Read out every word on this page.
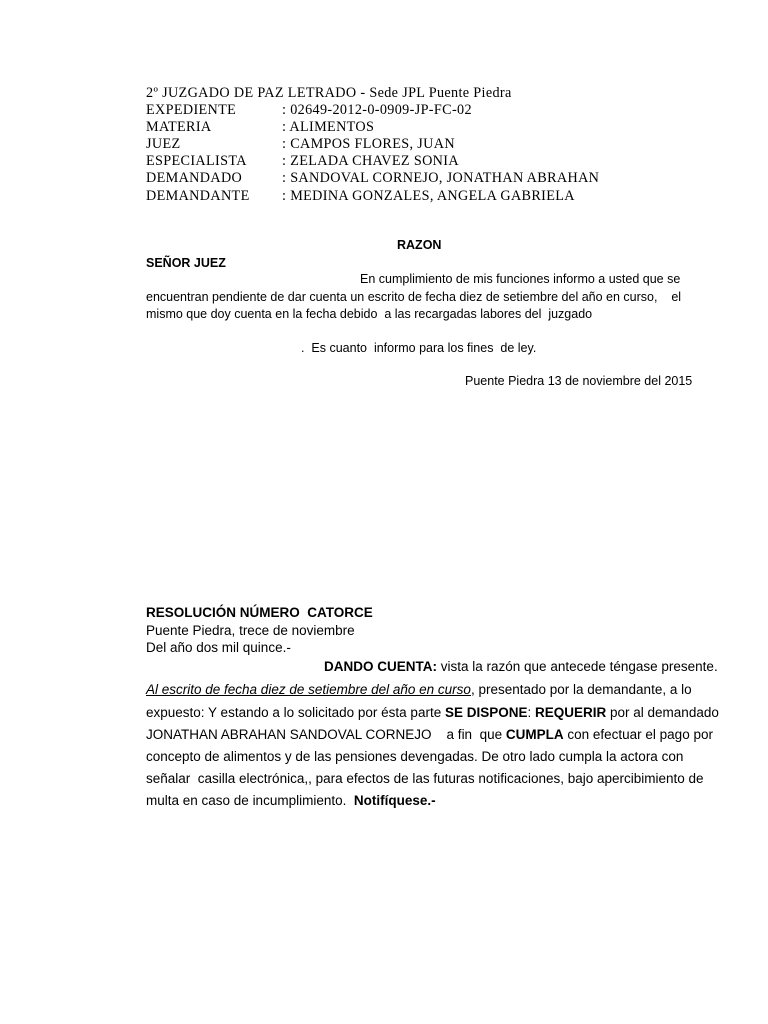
2º JUZGADO DE PAZ LETRADO - Sede JPL Puente Piedra
EXPEDIENTE	: 02649-2012-0-0909-JP-FC-02
MATERIA	: ALIMENTOS
JUEZ	: CAMPOS FLORES, JUAN
ESPECIALISTA	: ZELADA CHAVEZ SONIA
DEMANDADO	: SANDOVAL CORNEJO, JONATHAN ABRAHAN
DEMANDANTE	: MEDINA GONZALES, ANGELA GABRIELA
RAZON
SEÑOR JUEZ
En cumplimiento de mis funciones informo a usted que se
encuentran pendiente de dar cuenta un escrito de fecha diez de setiembre del año en curso,    el
mismo que doy cuenta en la fecha debido  a las recargadas labores del  juzgado
.  Es cuanto  informo para los fines  de ley.
Puente Piedra 13 de noviembre del 2015
RESOLUCIÓN NÚMERO  CATORCE
Puente Piedra, trece de noviembre
Del año dos mil quince.-
DANDO CUENTA: vista la razón que antecede téngase presente.
Al escrito de fecha diez de setiembre del año en curso, presentado por la demandante, a lo
expuesto: Y estando a lo solicitado por ésta parte SE DISPONE: REQUERIR por al demandado
JONATHAN ABRAHAN SANDOVAL CORNEJO    a fin  que CUMPLA con efectuar el pago por
concepto de alimentos y de las pensiones devengadas. De otro lado cumpla la actora con
señalar  casilla electrónica,, para efectos de las futuras notificaciones, bajo apercibimiento de
multa en caso de incumplimiento.  Notifíquese.-
